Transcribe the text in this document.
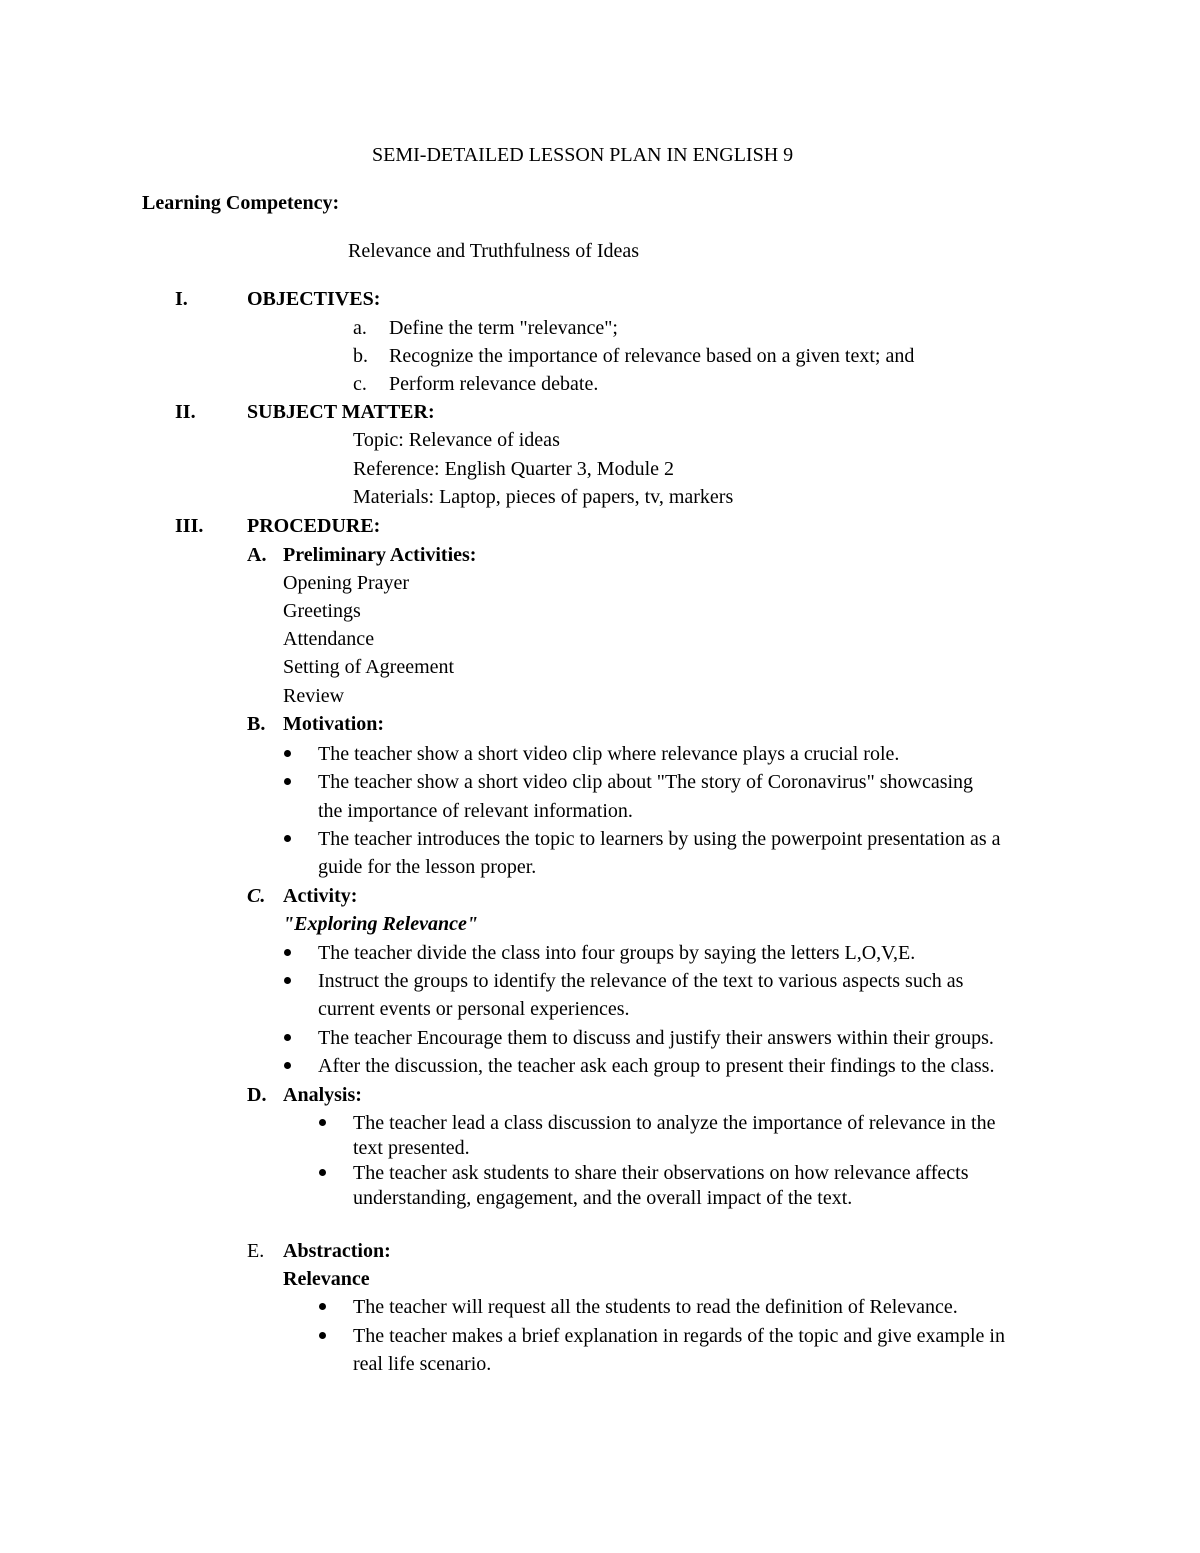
SEMI-DETAILED LESSON PLAN IN ENGLISH 9
Learning Competency:
Relevance and Truthfulness of Ideas
I.	OBJECTIVES:
a. Define the term "relevance";
b. Recognize the importance of relevance based on a given text; and
c. Perform relevance debate.
II.	SUBJECT MATTER:
Topic: Relevance of ideas
Reference: English Quarter 3, Module 2
Materials: Laptop, pieces of papers, tv, markers
III. PROCEDURE:
A. Preliminary Activities:
Opening Prayer
Greetings
Attendance
Setting of Agreement
Review
B. Motivation:
The teacher show a short video clip where relevance plays a crucial role.
The teacher show a short video clip about "The story of Coronavirus" showcasing
the importance of relevant information.
The teacher introduces the topic to learners by using the powerpoint presentation as a
guide for the lesson proper.
C. Activity:
"Exploring Relevance"
The teacher divide the class into four groups by saying the letters L,O,V,E.
Instruct the groups to identify the relevance of the text to various aspects such as
current events or personal experiences.
The teacher Encourage them to discuss and justify their answers within their groups.
After the discussion, the teacher ask each group to present their findings to the class.
D. Analysis:
The teacher lead a class discussion to analyze the importance of relevance in the
text presented.
The teacher ask students to share their observations on how relevance affects
understanding, engagement, and the overall impact of the text.
E. Abstraction:
Relevance
The teacher will request all the students to read the definition of Relevance.
The teacher makes a brief explanation in regards of the topic and give example in
real life scenario.
